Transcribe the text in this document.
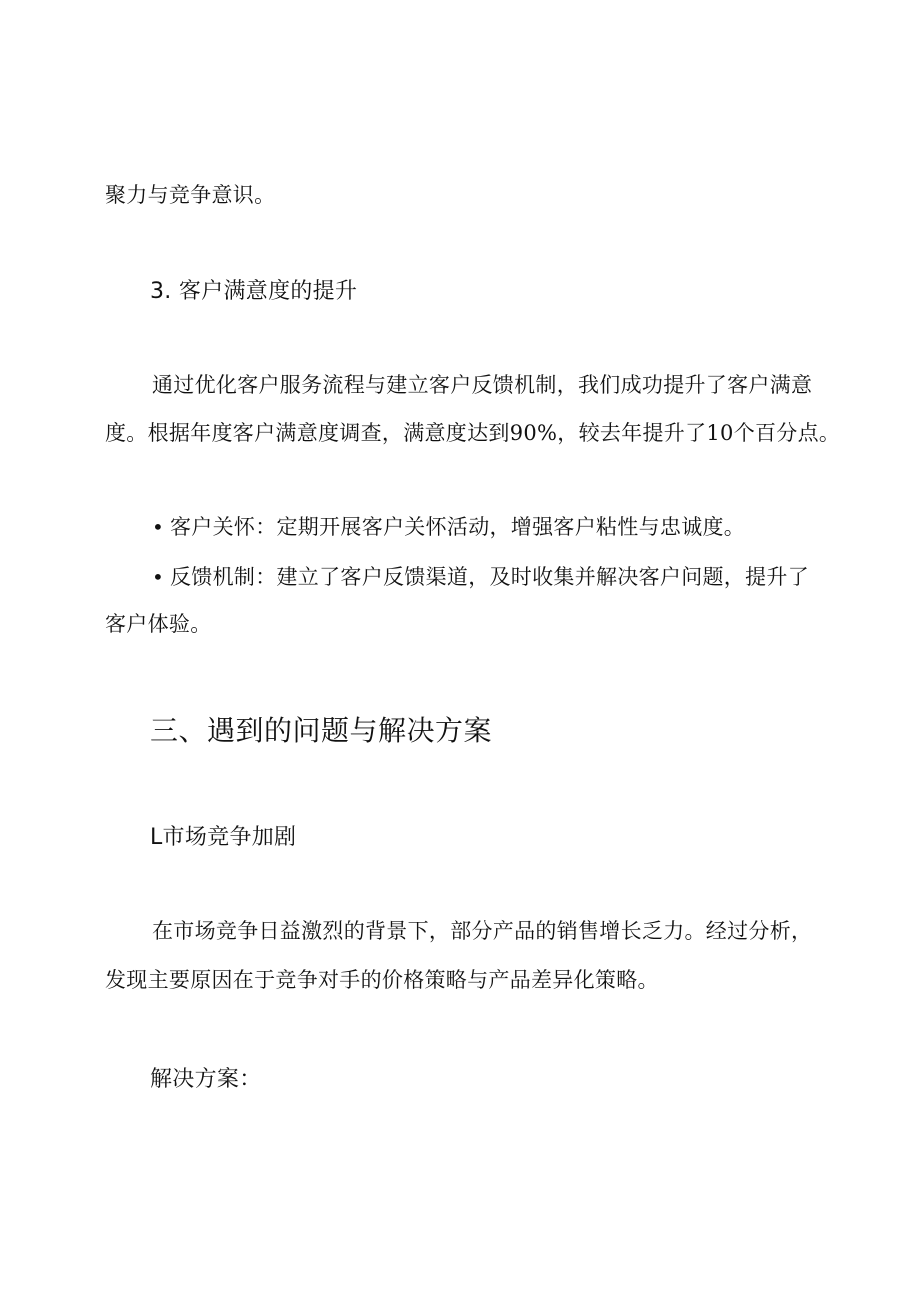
聚力与竞争意识。
3. 客户满意度的提升
通过优化客户服务流程与建立客户反馈机制，我们成功提升了客户满意
度。根据年度客户满意度调查，满意度达到90%，较去年提升了10个百分点。
• 客户关怀：定期开展客户关怀活动，增强客户粘性与忠诚度。
• 反馈机制：建立了客户反馈渠道，及时收集并解决客户问题，提升了
客户体验。
三、遇到的问题与解决方案
L市场竞争加剧
在市场竞争日益激烈的背景下，部分产品的销售增长乏力。经过分析，
发现主要原因在于竞争对手的价格策略与产品差异化策略。
解决方案：
